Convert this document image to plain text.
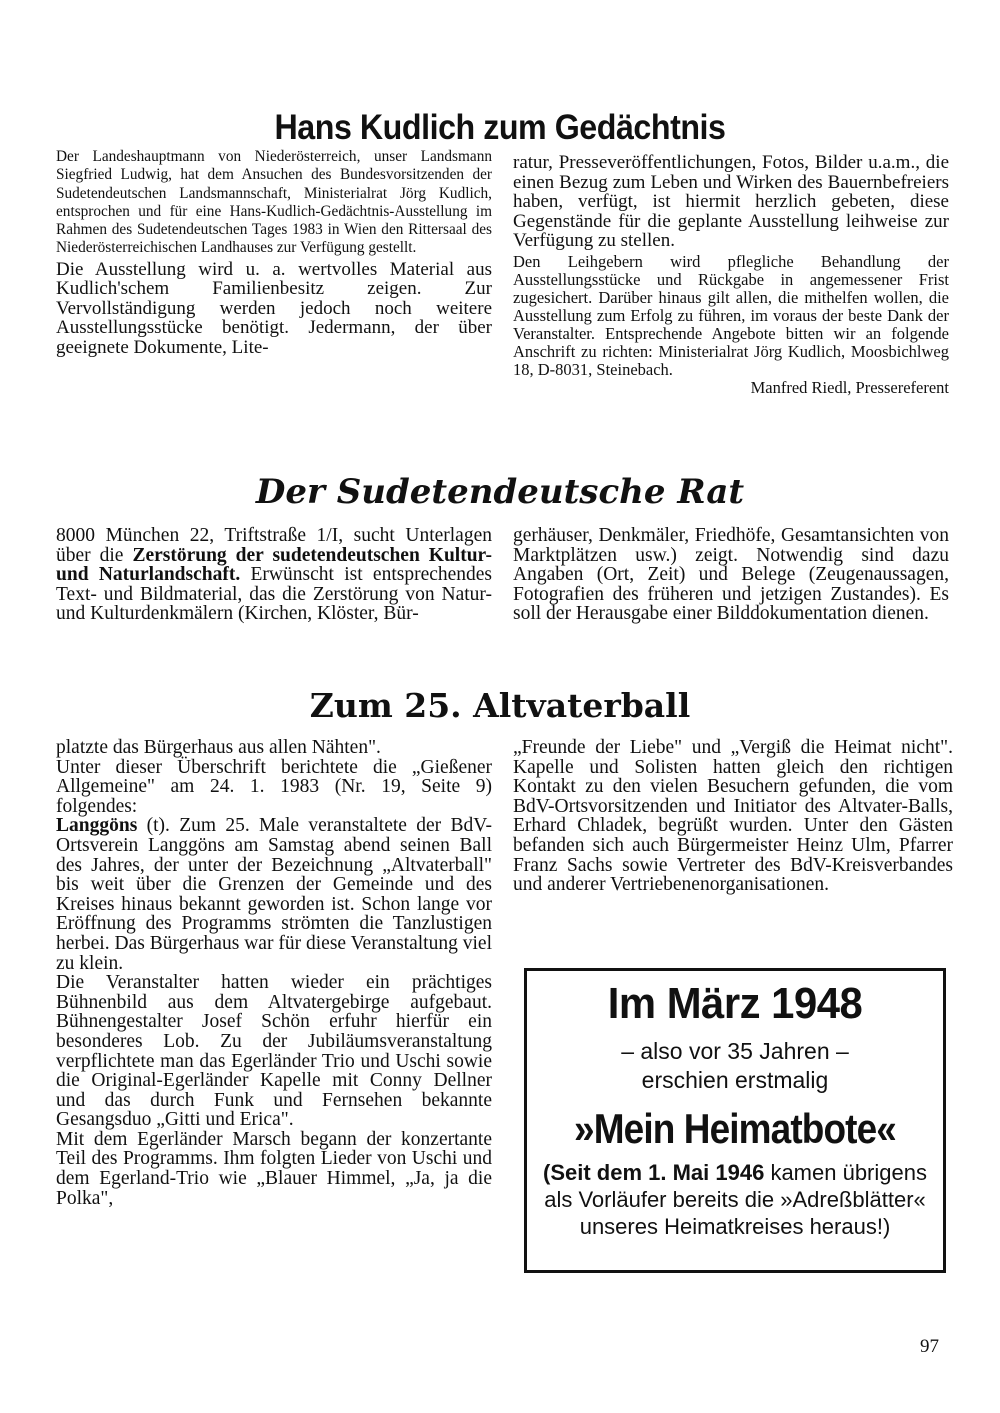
Hans Kudlich zum Gedächtnis

Der Landeshauptmann von Niederösterreich, unser Landsmann Siegfried Ludwig, hat dem Ansuchen des Bundesvorsitzenden der Sudetendeutschen Landsmannschaft, Ministerialrat Jörg Kudlich, entsprochen und für eine Hans-Kudlich-Gedächtnis-Ausstellung im Rahmen des Sudetendeutschen Tages 1983 in Wien den Rittersaal des Niederösterreichischen Landhauses zur Verfügung gestellt.

Die Ausstellung wird u. a. wertvolles Material aus Kudlich'schem Familienbesitz zeigen. Zur Vervollständigung werden jedoch noch weitere Ausstellungsstücke benötigt. Jedermann, der über geeignete Dokumente, Lite-

ratur, Presseveröffentlichungen, Fotos, Bilder u.a.m., die einen Bezug zum Leben und Wirken des Bauernbefreiers haben, verfügt, ist hiermit herzlich gebeten, diese Gegenstände für die geplante Ausstellung leihweise zur Verfügung zu stellen.

Den Leihgebern wird pflegliche Behandlung der Ausstellungsstücke und Rückgabe in angemessener Frist zugesichert. Darüber hinaus gilt allen, die mithelfen wollen, die Ausstellung zum Erfolg zu führen, im voraus der beste Dank der Veranstalter. Entsprechende Angebote bitten wir an folgende Anschrift zu richten: Ministerialrat Jörg Kudlich, Moosbichlweg 18, D-8031, Steinebach.

Manfred Riedl, Pressereferent

Der Sudetendeutsche Rat

8000 München 22, Triftstraße 1/I, sucht Unterlagen über die Zerstörung der sudetendeutschen Kultur- und Naturlandschaft. Erwünscht ist entsprechendes Text- und Bildmaterial, das die Zerstörung von Natur- und Kulturdenkmälern (Kirchen, Klöster, Bür-

gerhäuser, Denkmäler, Friedhöfe, Gesamtansichten von Marktplätzen usw.) zeigt. Notwendig sind dazu Angaben (Ort, Zeit) und Belege (Zeugenaussagen, Fotografien des früheren und jetzigen Zustandes). Es soll der Herausgabe einer Bilddokumentation dienen.

Zum 25. Altvaterball

platzte das Bürgerhaus aus allen Nähten".

Unter dieser Überschrift berichtete die „Gießener Allgemeine" am 24. 1. 1983 (Nr. 19, Seite 9) folgendes:

Langgöns (t). Zum 25. Male veranstaltete der BdV-Ortsverein Langgöns am Samstag abend seinen Ball des Jahres, der unter der Bezeichnung „Altvaterball" bis weit über die Grenzen der Gemeinde und des Kreises hinaus bekannt geworden ist. Schon lange vor Eröffnung des Programms strömten die Tanzlustigen herbei. Das Bürgerhaus war für diese Veranstaltung viel zu klein.

Die Veranstalter hatten wieder ein prächtiges Bühnenbild aus dem Altvatergebirge aufgebaut. Bühnengestalter Josef Schön erfuhr hierfür ein besonderes Lob. Zu der Jubiläumsveranstaltung verpflichtete man das Egerländer Trio und Uschi sowie die Original-Egerländer Kapelle mit Conny Dellner und das durch Funk und Fernsehen bekannte Gesangsduo „Gitti und Erica".

Mit dem Egerländer Marsch begann der konzertante Teil des Programms. Ihm folgten Lieder von Uschi und dem Egerland-Trio wie „Blauer Himmel, „Ja, ja die Polka",

„Freunde der Liebe" und „Vergiß die Heimat nicht". Kapelle und Solisten hatten gleich den richtigen Kontakt zu den vielen Besuchern gefunden, die vom BdV-Ortsvorsitzenden und Initiator des Altvater-Balls, Erhard Chladek, begrüßt wurden. Unter den Gästen befanden sich auch Bürgermeister Heinz Ulm, Pfarrer Franz Sachs sowie Vertreter des BdV-Kreisverbandes und anderer Vertriebenenorganisationen.

Im März 1948
– also vor 35 Jahren –
erschien erstmalig
»Mein Heimatbote«
(Seit dem 1. Mai 1946 kamen übrigens als Vorläufer bereits die »Adreßblätter« unseres Heimatkreises heraus!)
97
